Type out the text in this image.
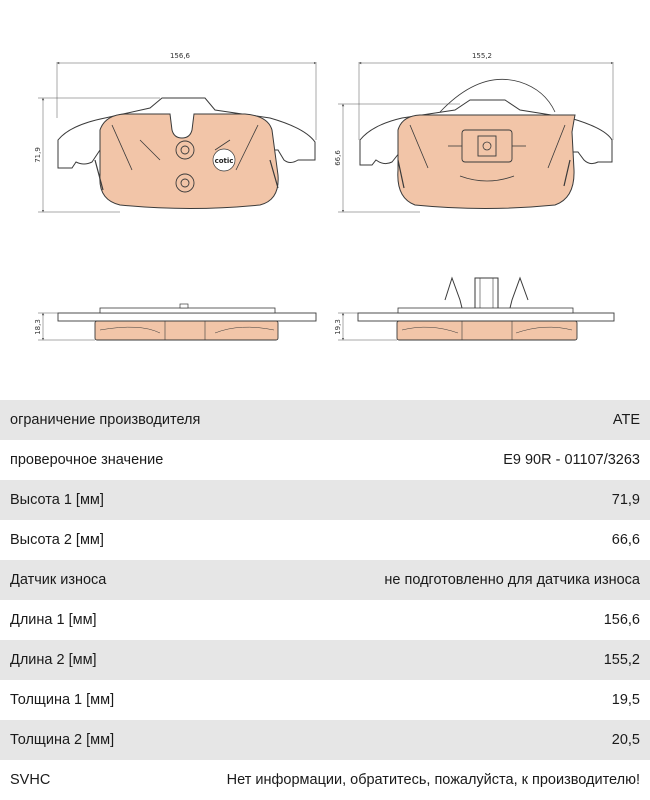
cotic
156,6
71,9
155,2
66,6
18,3	19,3
ограничение производителя	ATE
проверочное значение	E9 90R - 01107/3263
Высота 1 [мм]	71,9
Высота 2 [мм]	66,6
Датчик износа	не подготовленно для датчика износа
Длина 1 [мм]	156,6
Длина 2 [мм]	155,2
Толщина 1 [мм]	19,5
Толщина 2 [мм]	20,5
SVHC	Нет информации, обратитесь, пожалуйста, к производителю!
